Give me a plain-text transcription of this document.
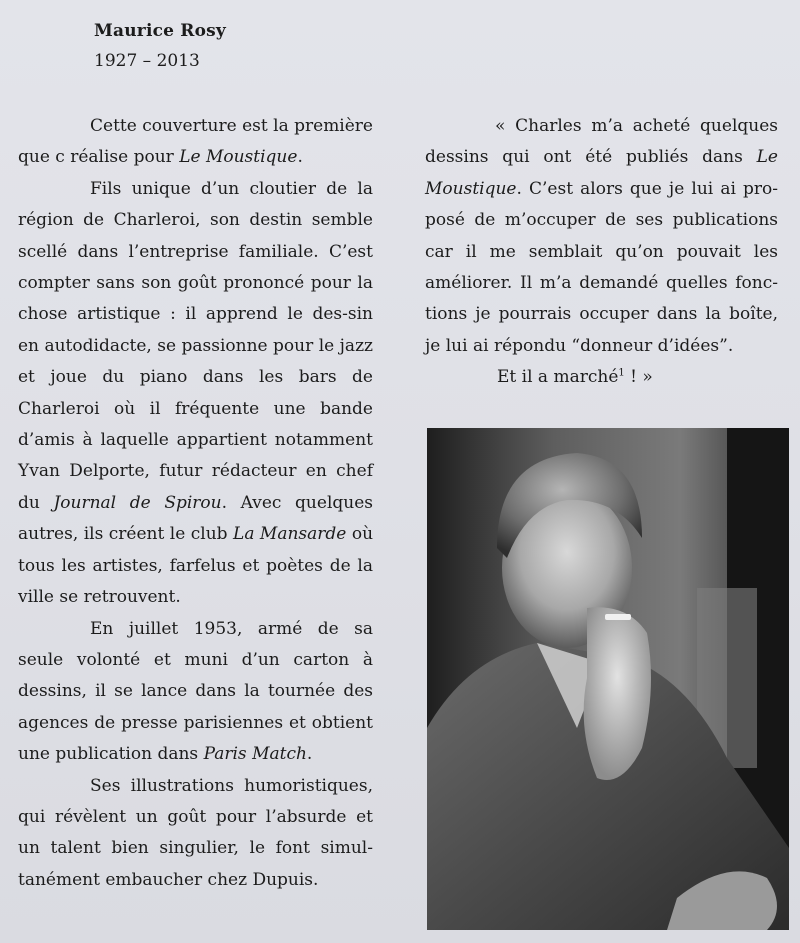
Maurice Rosy
1927 – 2013

Cette couverture est la première que c réalise pour Le Moustique.

Fils unique d’un cloutier de la région de Charleroi, son destin semble scellé dans l’entreprise familiale. C’est compter sans son goût prononcé pour la chose artistique : il apprend le des-sin en autodidacte, se passionne pour le jazz et joue du piano dans les bars de Charleroi où il fréquente une bande d’amis à laquelle appartient notamment Yvan Delporte, futur rédacteur en chef du Journal de Spirou. Avec quelques autres, ils créent le club La Mansarde où tous les artistes, farfelus et poètes de la ville se retrouvent.

En juillet 1953, armé de sa seule volonté et muni d’un carton à dessins, il se lance dans la tournée des agences de presse parisiennes et obtient une publication dans Paris Match.

Ses illustrations humoristiques, qui révèlent un goût pour l’absurde et un talent bien singulier, le font simul-tanément embaucher chez Dupuis.

« Charles m’a acheté quelques dessins qui ont été publiés dans Le Moustique. C’est alors que je lui ai pro-posé de m’occuper de ses publications car il me semblait qu’on pouvait les améliorer. Il m’a demandé quelles fonc-tions je pourrais occuper dans la boîte, je lui ai répondu “donneur d’idées”.

Et il a marché$^1$ ! »
